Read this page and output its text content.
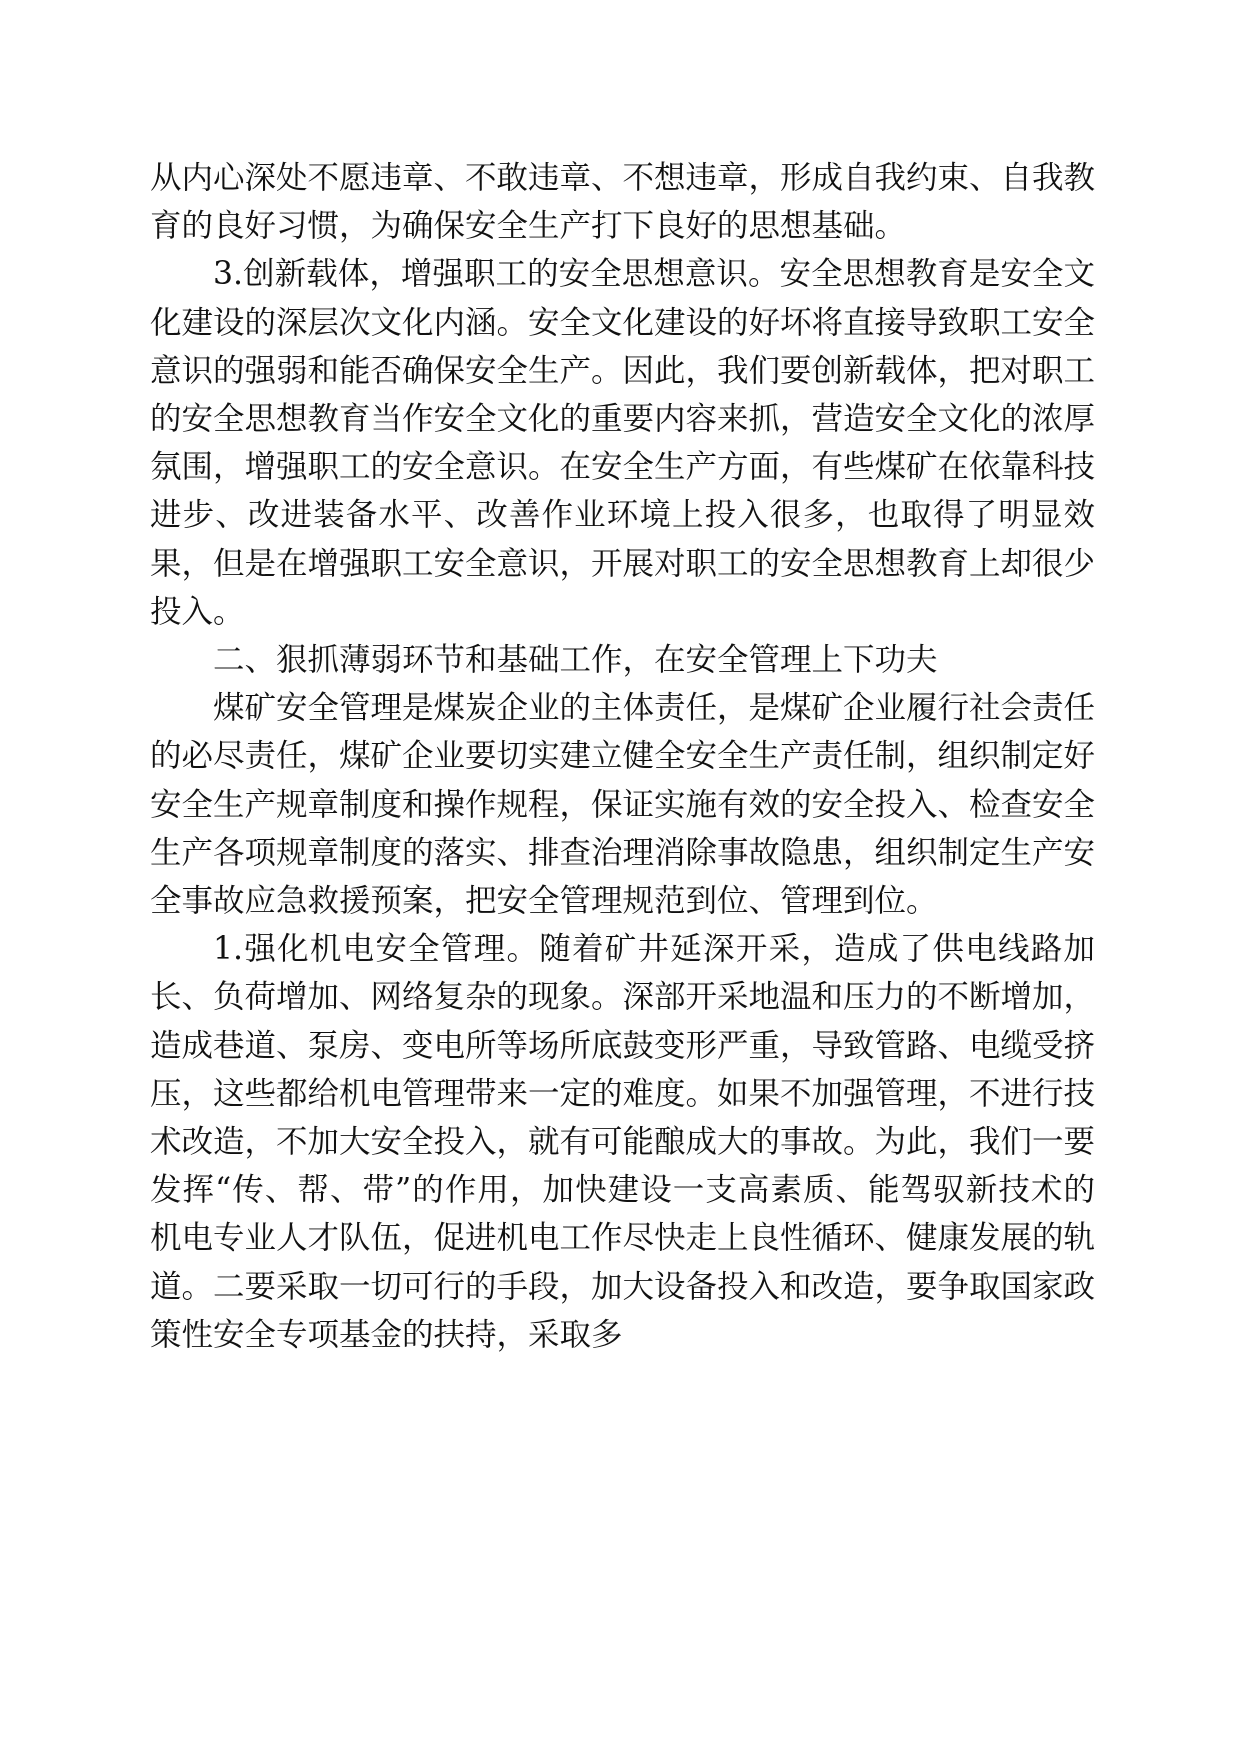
从内心深处不愿违章、不敢违章、不想违章，形成自我约束、自我教育的良好习惯，为确保安全生产打下良好的思想基础。

3.创新载体，增强职工的安全思想意识。安全思想教育是安全文化建设的深层次文化内涵。安全文化建设的好坏将直接导致职工安全意识的强弱和能否确保安全生产。因此，我们要创新载体，把对职工的安全思想教育当作安全文化的重要内容来抓，营造安全文化的浓厚氛围，增强职工的安全意识。在安全生产方面，有些煤矿在依靠科技进步、改进装备水平、改善作业环境上投入很多，也取得了明显效果，但是在增强职工安全意识，开展对职工的安全思想教育上却很少投入。

二、狠抓薄弱环节和基础工作，在安全管理上下功夫

煤矿安全管理是煤炭企业的主体责任，是煤矿企业履行社会责任的必尽责任，煤矿企业要切实建立健全安全生产责任制，组织制定好安全生产规章制度和操作规程，保证实施有效的安全投入、检查安全生产各项规章制度的落实、排查治理消除事故隐患，组织制定生产安全事故应急救援预案，把安全管理规范到位、管理到位。

1.强化机电安全管理。随着矿井延深开采，造成了供电线路加长、负荷增加、网络复杂的现象。深部开采地温和压力的不断增加，造成巷道、泵房、变电所等场所底鼓变形严重，导致管路、电缆受挤压，这些都给机电管理带来一定的难度。如果不加强管理，不进行技术改造，不加大安全投入，就有可能酿成大的事故。为此，我们一要发挥“传、帮、带”的作用，加快建设一支高素质、能驾驭新技术的机电专业人才队伍，促进机电工作尽快走上良性循环、健康发展的轨道。二要采取一切可行的手段，加大设备投入和改造，要争取国家政策性安全专项基金的扶持，采取多
